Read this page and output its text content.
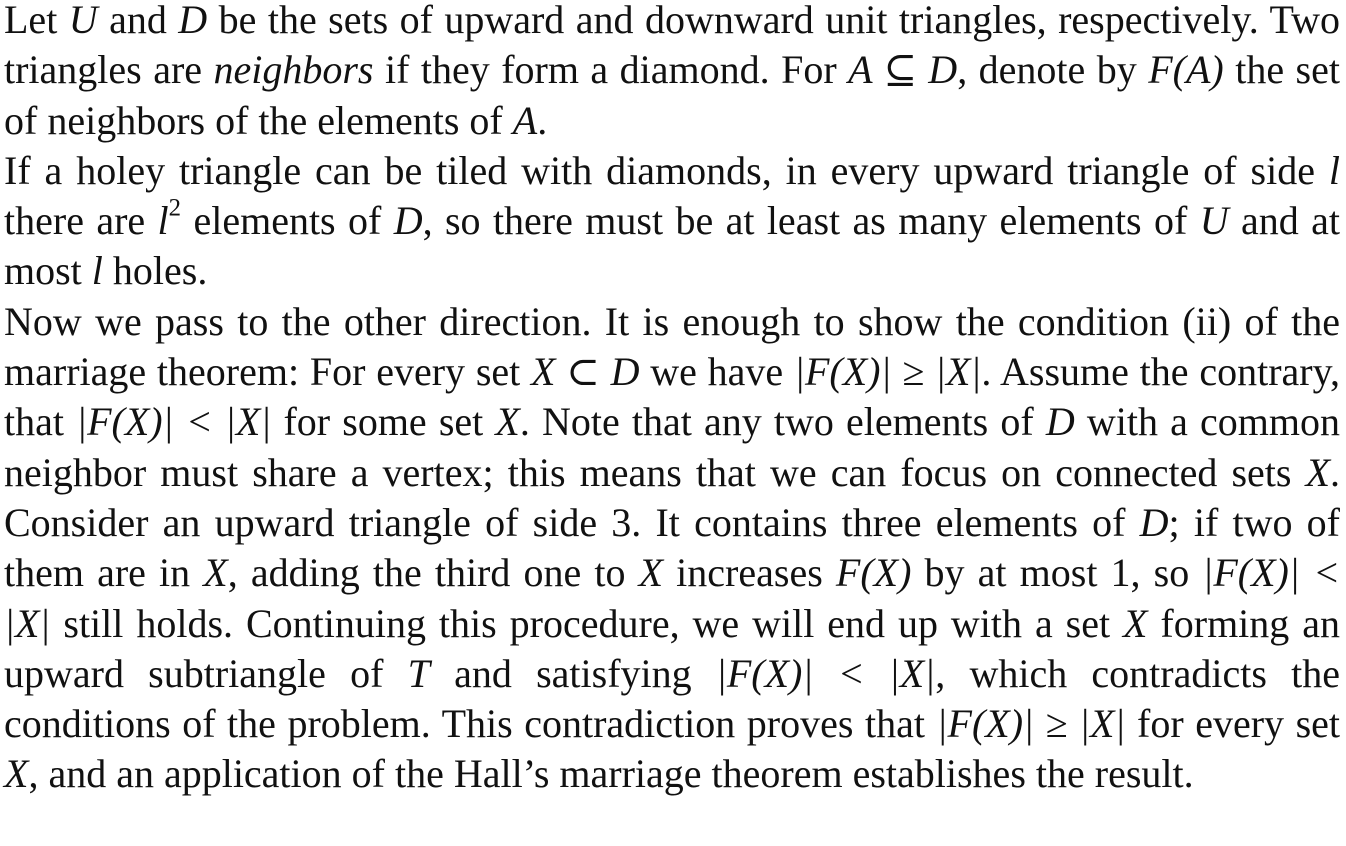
Let U and D be the sets of upward and downward unit triangles, respectively. Two triangles are neighbors if they form a diamond. For A ⊆ D, denote by F(A) the set of neighbors of the elements of A.

If a holey triangle can be tiled with diamonds, in every upward triangle of side l there are $l^2$ elements of D, so there must be at least as many elements of U and at most l holes.

Now we pass to the other direction. It is enough to show the condition (ii) of the marriage theorem: For every set X ⊂ D we have |F(X)| ≥ |X|. Assume the contrary, that |F(X)| < |X| for some set X. Note that any two elements of D with a common neighbor must share a vertex; this means that we can focus on connected sets X. Consider an upward triangle of side 3. It contains three elements of D; if two of them are in X, adding the third one to X increases F(X) by at most 1, so |F(X)| < |X| still holds. Continuing this procedure, we will end up with a set X forming an upward subtriangle of T and satisfying |F(X)| < |X|, which contradicts the conditions of the problem. This contradiction proves that |F(X)| ≥ |X| for every set X, and an application of the Hall’s marriage theorem establishes the result.
